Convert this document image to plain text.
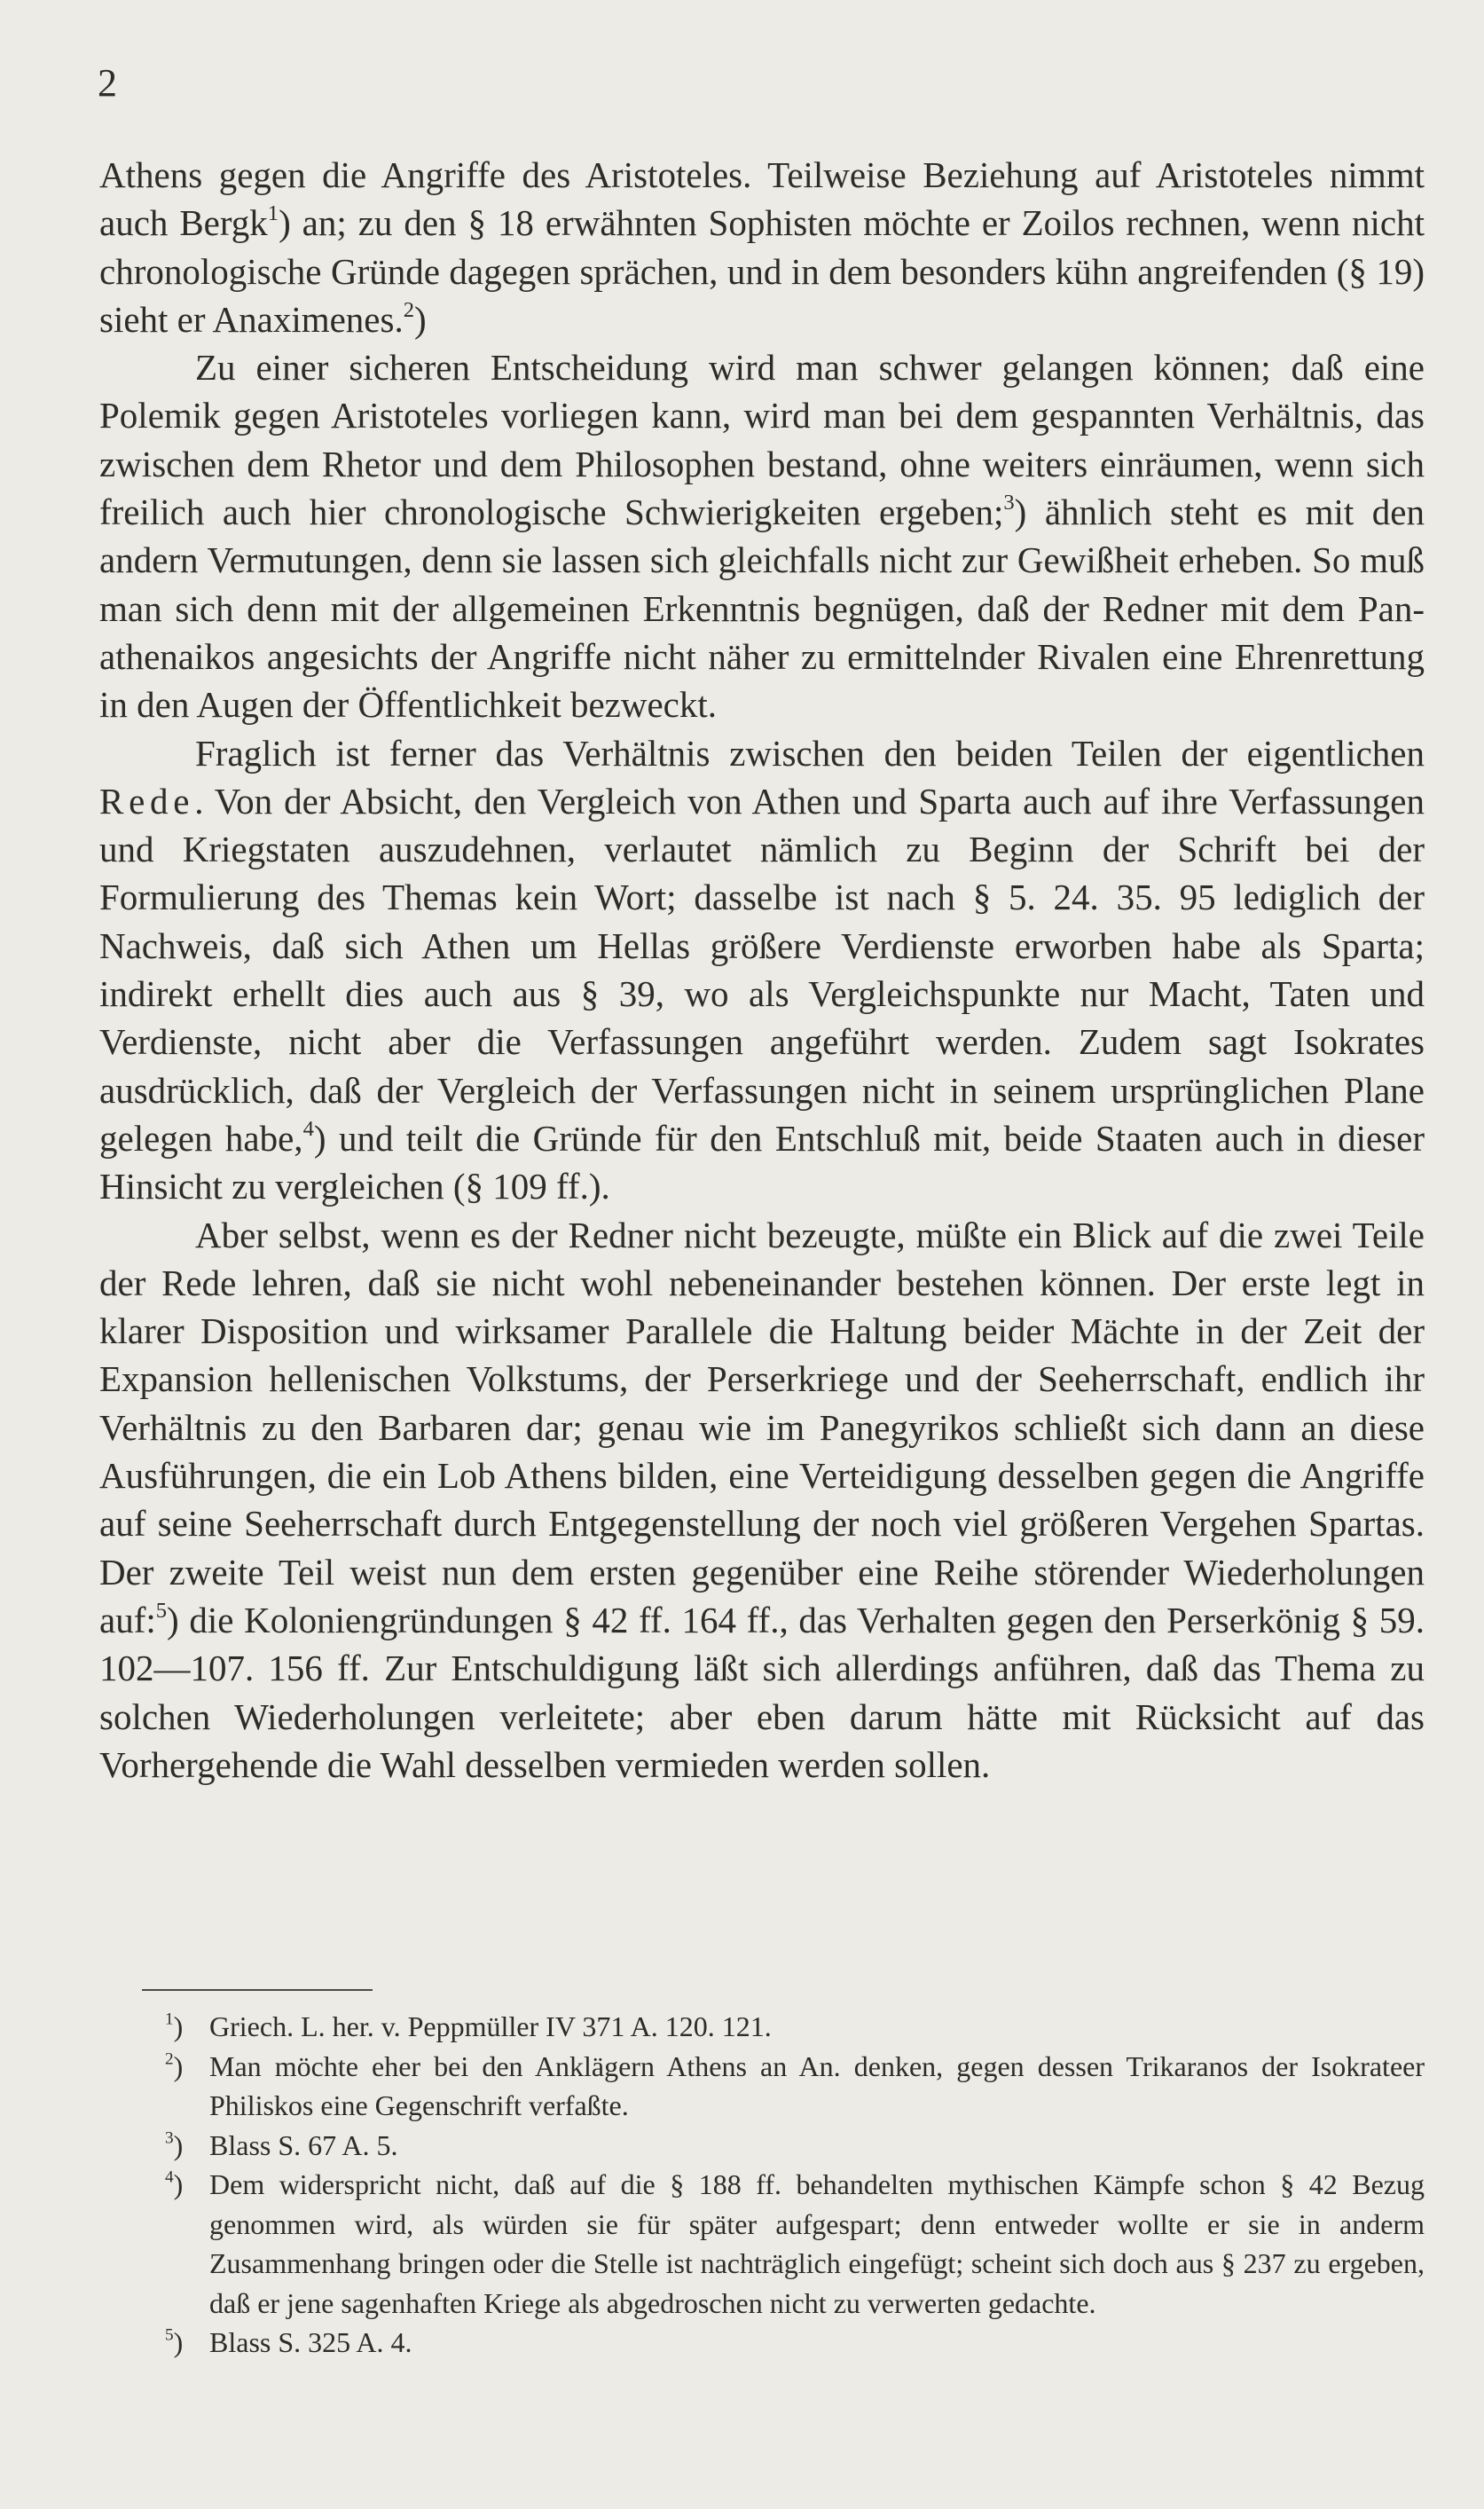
2

Athens gegen die Angriffe des Aristoteles. Teilweise Beziehung auf Aristoteles nimmt auch Bergk$^1$) an; zu den § 18 erwähnten Sophisten möchte er Zoilos rechnen, wenn nicht chronologische Gründe dagegen sprächen, und in dem besonders kühn angreifenden (§ 19) sieht er Anaximenes.$^2$)

Zu einer sicheren Entscheidung wird man schwer gelangen können; daß eine Polemik gegen Aristoteles vorliegen kann, wird man bei dem gespannten Verhältnis, das zwischen dem Rhetor und dem Philosophen bestand, ohne weiters einräumen, wenn sich freilich auch hier chronologische Schwierigkeiten ergeben;$^3$) ähnlich steht es mit den andern Vermutungen, denn sie lassen sich gleichfalls nicht zur Gewißheit erheben. So muß man sich denn mit der allgemeinen Erkenntnis begnügen, daß der Redner mit dem Panathenaikos angesichts der Angriffe nicht näher zu ermittelnder Rivalen eine Ehrenrettung in den Augen der Öffentlichkeit bezweckt.

Fraglich ist ferner das Verhältnis zwischen den beiden Teilen der eigentlichen Rede. Von der Absicht, den Vergleich von Athen und Sparta auch auf ihre Verfassungen und Kriegstaten auszudehnen, verlautet nämlich zu Beginn der Schrift bei der Formulierung des Themas kein Wort; dasselbe ist nach § 5. 24. 35. 95 lediglich der Nachweis, daß sich Athen um Hellas größere Verdienste erworben habe als Sparta; indirekt erhellt dies auch aus § 39, wo als Vergleichspunkte nur Macht, Taten und Verdienste, nicht aber die Verfassungen angeführt werden. Zudem sagt Isokrates ausdrücklich, daß der Vergleich der Verfassungen nicht in seinem ursprünglichen Plane gelegen habe,$^4$) und teilt die Gründe für den Entschluß mit, beide Staaten auch in dieser Hinsicht zu vergleichen (§ 109 ff.).

Aber selbst, wenn es der Redner nicht bezeugte, müßte ein Blick auf die zwei Teile der Rede lehren, daß sie nicht wohl nebeneinander bestehen können. Der erste legt in klarer Disposition und wirksamer Parallele die Haltung beider Mächte in der Zeit der Expansion hellenischen Volkstums, der Perserkriege und der Seeherrschaft, endlich ihr Verhältnis zu den Barbaren dar; genau wie im Panegyrikos schließt sich dann an diese Ausführungen, die ein Lob Athens bilden, eine Verteidigung desselben gegen die Angriffe auf seine Seeherrschaft durch Entgegenstellung der noch viel größeren Vergehen Spartas. Der zweite Teil weist nun dem ersten gegenüber eine Reihe störender Wiederholungen auf:$^5$) die Koloniengründungen § 42 ff. 164 ff., das Verhalten gegen den Perserkönig § 59. 102—107. 156 ff. Zur Entschuldigung läßt sich allerdings anführen, daß das Thema zu solchen Wiederholungen verleitete; aber eben darum hätte mit Rücksicht auf das Vorhergehende die Wahl desselben vermieden werden sollen.

$^1$) Griech. L. her. v. Peppmüller IV 371 A. 120. 121.

$^2$) Man möchte eher bei den Anklägern Athens an An. denken, gegen dessen Trikaranos der Isokrateer Philiskos eine Gegenschrift verfaßte.

$^3$) Blass S. 67 A. 5.

$^4$) Dem widerspricht nicht, daß auf die § 188 ff. behandelten mythischen Kämpfe schon § 42 Bezug genommen wird, als würden sie für später aufgespart; denn entweder wollte er sie in anderm Zusammenhang bringen oder die Stelle ist nachträglich eingefügt; scheint sich doch aus § 237 zu ergeben, daß er jene sagenhaften Kriege als abgedroschen nicht zu verwerten gedachte.

$^5$) Blass S. 325 A. 4.
